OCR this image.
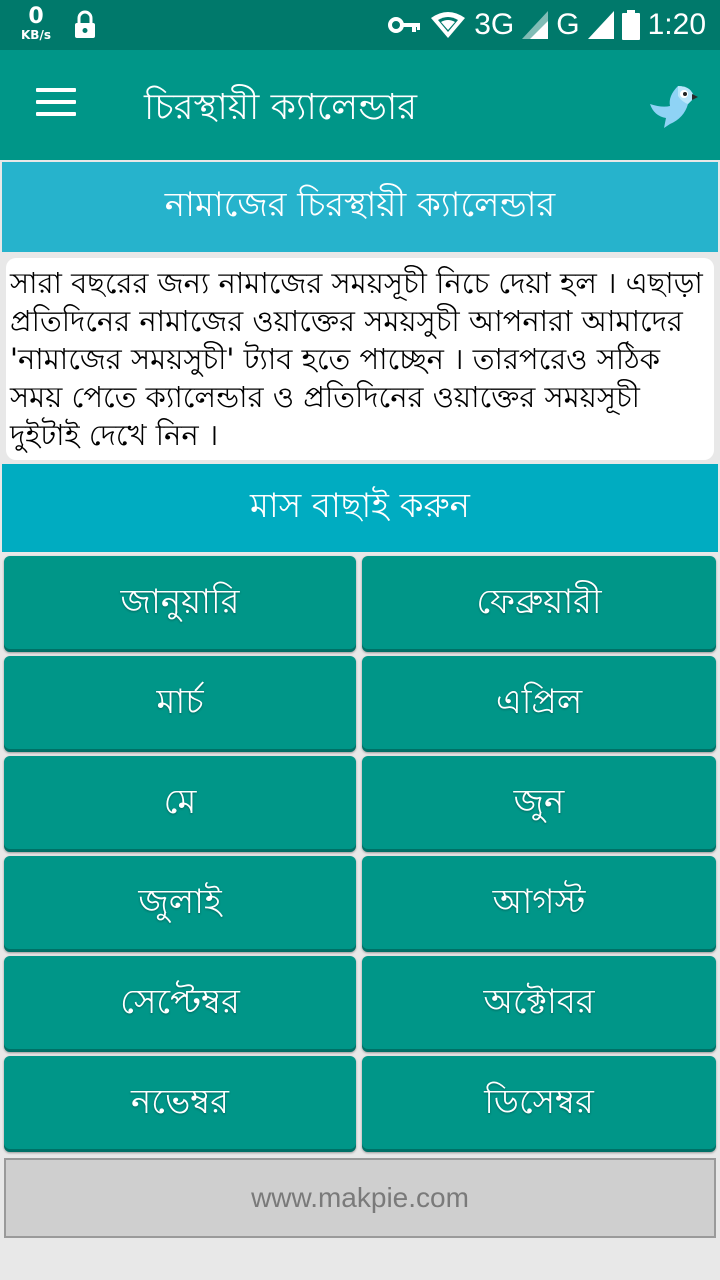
0
KB/s	3G G 1:20
চিরস্থায়ী ক্যালেন্ডার
নামাজের চিরস্থায়ী ক্যালেন্ডার
সারা বছরের জন্য নামাজের সময়সূচী নিচে দেয়া হল । এছাড়া প্রতিদিনের নামাজের ওয়াক্তের সময়সুচী আপনারা আমাদের 'নামাজের সময়সুচী' ট্যাব হতে পাচ্ছেন । তারপরেও সঠিক সময় পেতে ক্যালেন্ডার ও প্রতিদিনের ওয়াক্তের সময়সূচী দুইটাই দেখে নিন ।
মাস বাছাই করুন
জানুয়ারি	ফেব্রুয়ারী
মার্চ	এপ্রিল
মে	জুন
জুলাই	আগস্ট
সেপ্টেম্বর	অক্টোবর
নভেম্বর	ডিসেম্বর
www.makpie.com
